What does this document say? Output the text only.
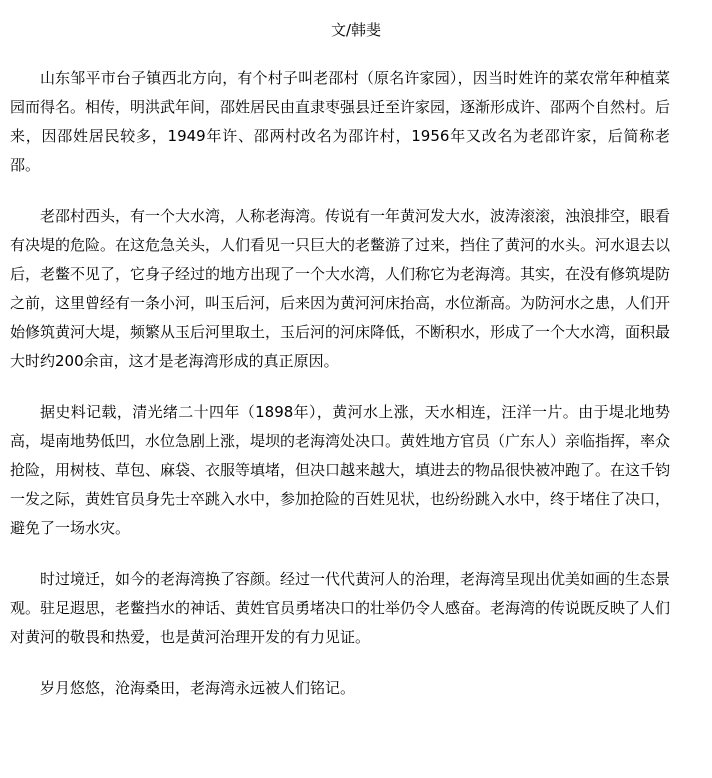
文/韩斐

山东邹平市台子镇西北方向，有个村子叫老邵村（原名许家园），因当时姓许的菜农常年种植菜园而得名。相传，明洪武年间，邵姓居民由直隶枣强县迁至许家园，逐渐形成许、邵两个自然村。后来，因邵姓居民较多，1949年许、邵两村改名为邵许村，1956年又改名为老邵许家，后简称老邵。

老邵村西头，有一个大水湾，人称老海湾。传说有一年黄河发大水，波涛滚滚，浊浪排空，眼看有决堤的危险。在这危急关头，人们看见一只巨大的老鳖游了过来，挡住了黄河的水头。河水退去以后，老鳖不见了，它身子经过的地方出现了一个大水湾，人们称它为老海湾。其实，在没有修筑堤防之前，这里曾经有一条小河，叫玉后河，后来因为黄河河床抬高，水位渐高。为防河水之患，人们开始修筑黄河大堤，频繁从玉后河里取土，玉后河的河床降低，不断积水，形成了一个大水湾，面积最大时约200余亩，这才是老海湾形成的真正原因。

据史料记载，清光绪二十四年（1898年），黄河水上涨，天水相连，汪洋一片。由于堤北地势高，堤南地势低凹，水位急剧上涨，堤坝的老海湾处决口。黄姓地方官员（广东人）亲临指挥，率众抢险，用树枝、草包、麻袋、衣服等填堵，但决口越来越大，填进去的物品很快被冲跑了。在这千钧一发之际，黄姓官员身先士卒跳入水中，参加抢险的百姓见状，也纷纷跳入水中，终于堵住了决口，避免了一场水灾。

时过境迁，如今的老海湾换了容颜。经过一代代黄河人的治理，老海湾呈现出优美如画的生态景观。驻足遐思，老鳖挡水的神话、黄姓官员勇堵决口的壮举仍令人感奋。老海湾的传说既反映了人们对黄河的敬畏和热爱，也是黄河治理开发的有力见证。

岁月悠悠，沧海桑田，老海湾永远被人们铭记。
